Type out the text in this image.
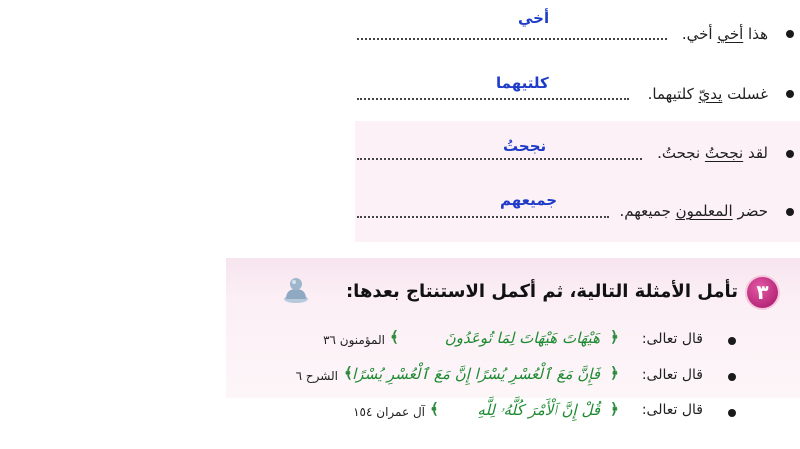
هذا أخي أخي.
أخي
غسلت يديّ كلتيهما.
كلتيهما
لقد نجحتُ نجحتُ.
نجحتُ
حضر المعلمون جميعهم.
جميعهم
٣
تأمل الأمثلة التالية، ثم أكمل الاستنتاج بعدها:
قال تعالى:
﴿
هَيْهَاتَ هَيْهَاتَ لِمَا تُوعَدُونَ
﴾
المؤمنون ٣٦
قال تعالى:
﴿
فَإِنَّ مَعَ ٱلْعُسْرِ يُسْرًا إِنَّ مَعَ ٱلْعُسْرِ يُسْرًا
﴾
الشرح ٦
قال تعالى:
﴿
قُلْ إِنَّ ٱلْأَمْرَ كُلَّهُۥ لِلَّهِ
﴾
آل عمران ١٥٤
